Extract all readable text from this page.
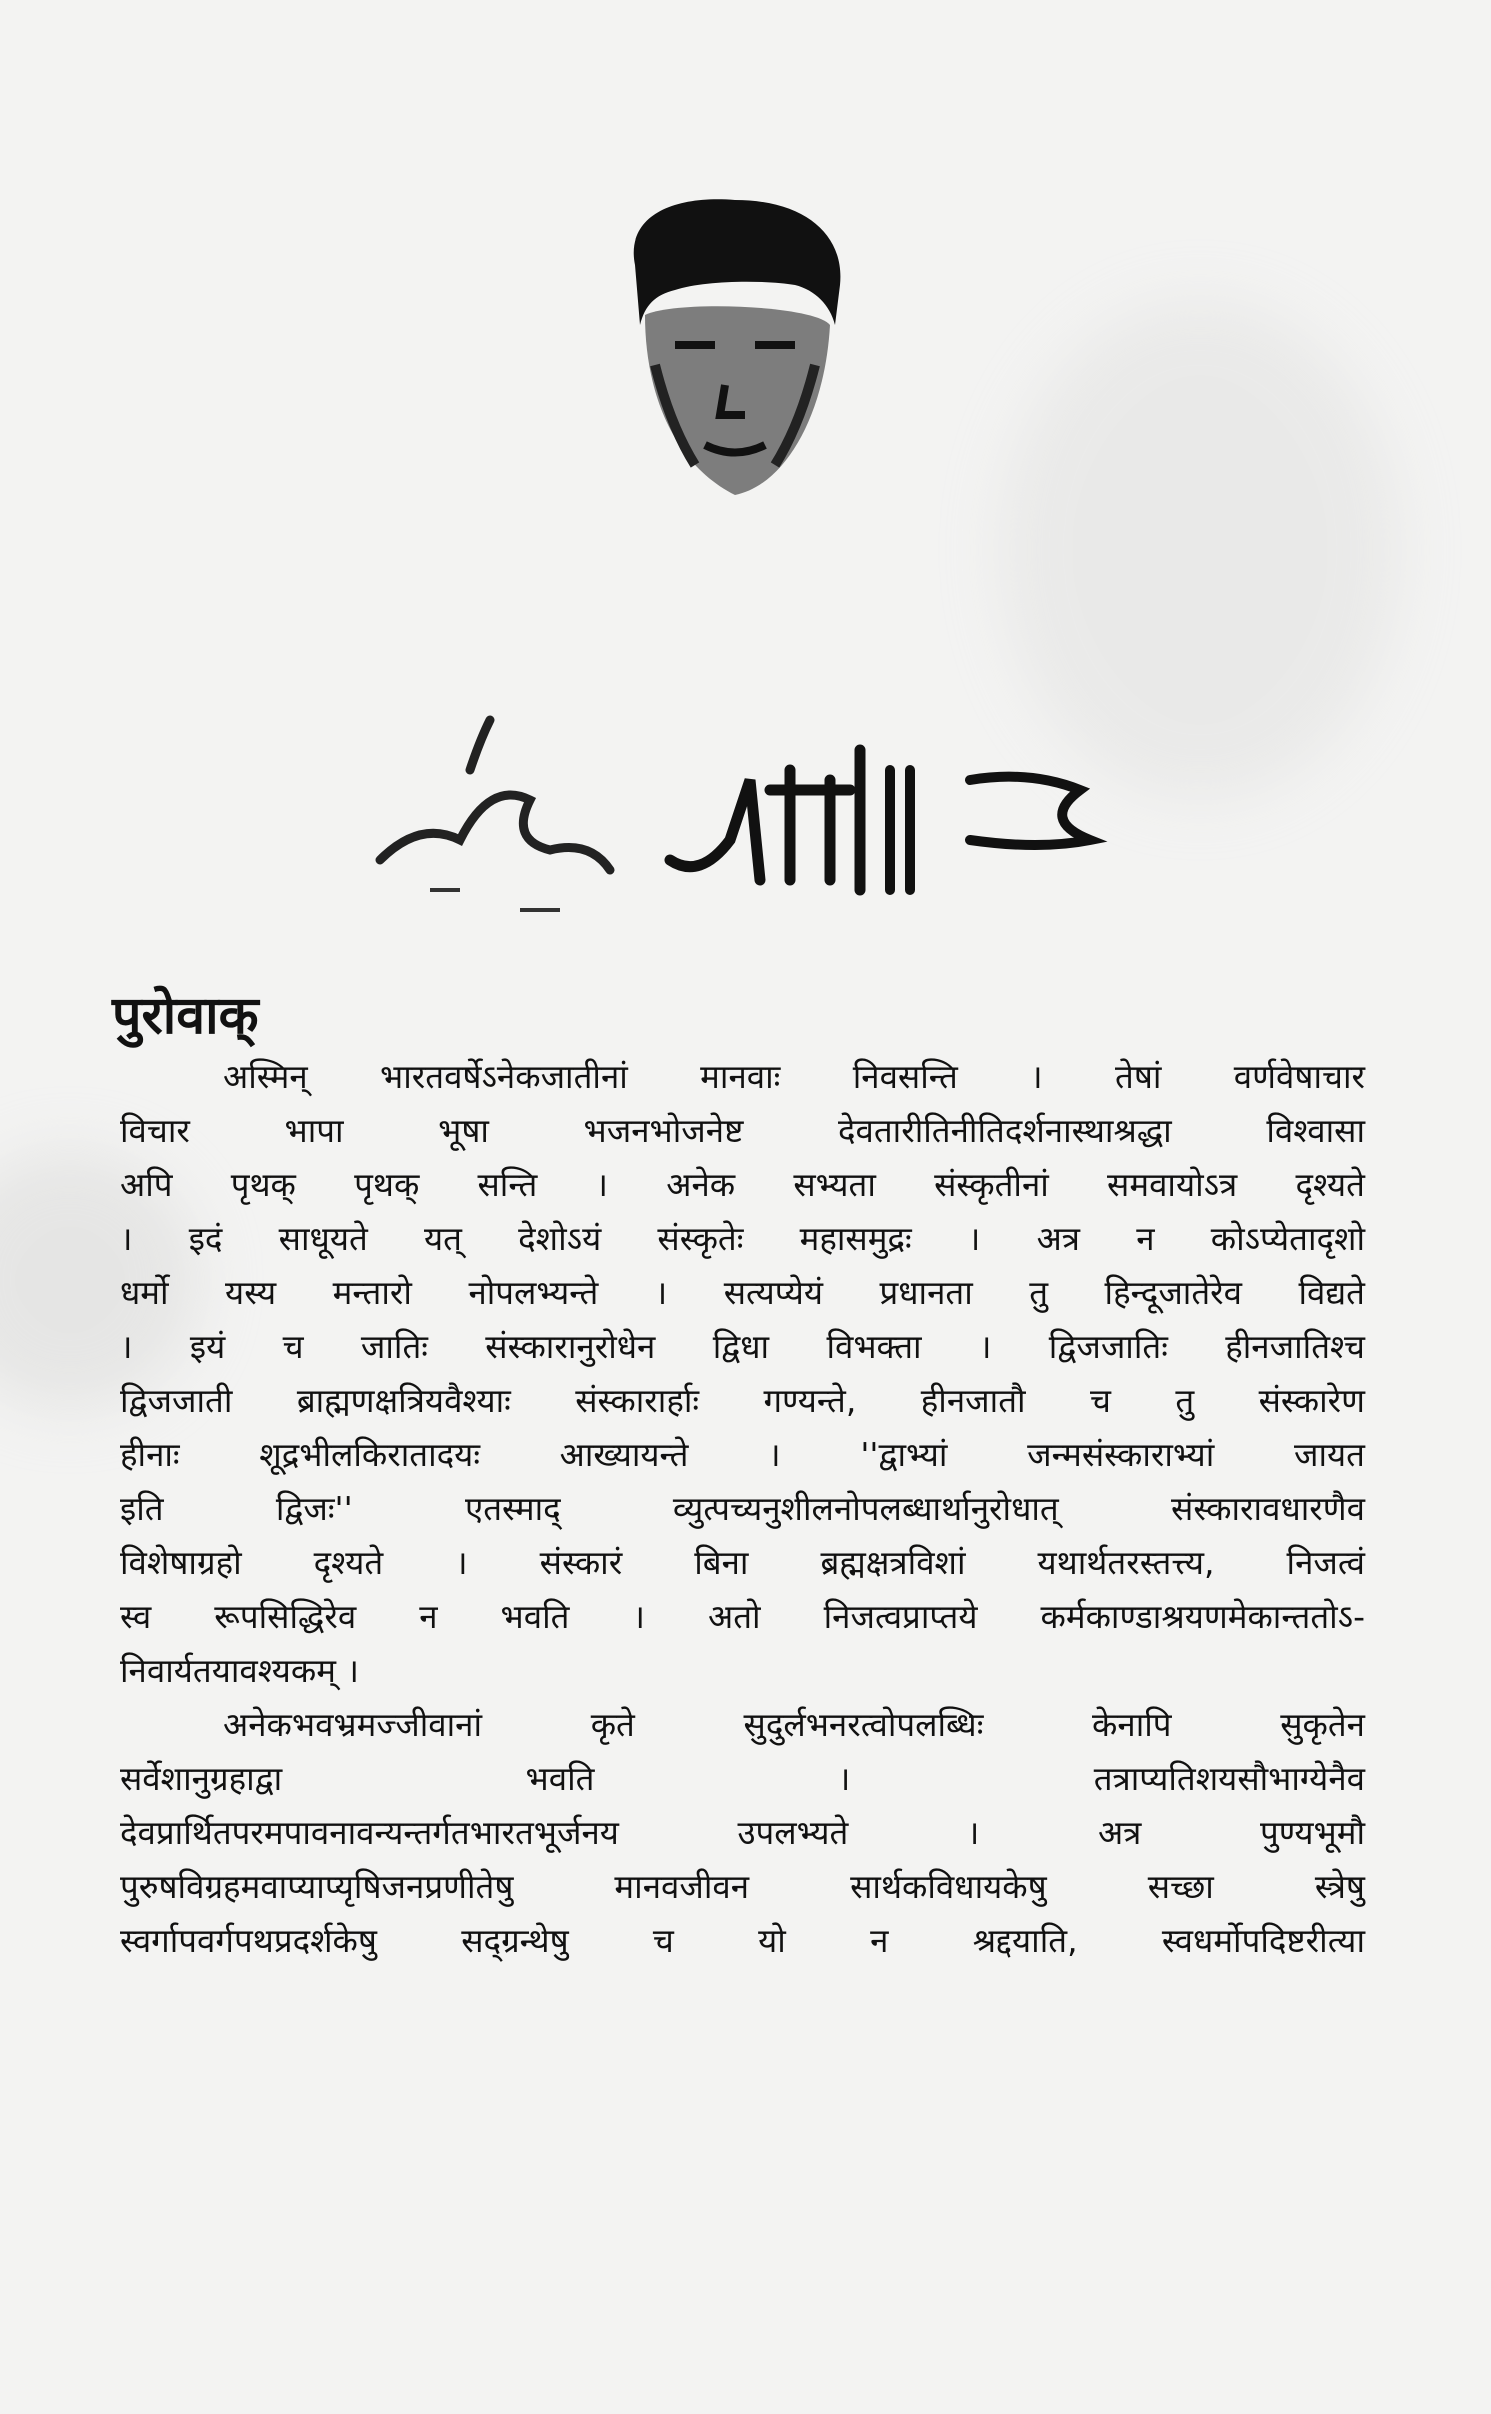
पुरोवाक्
अस्मिन् भारतवर्षेऽनेकजातीनां मानवाः निवसन्ति । तेषां वर्णवेषाचार
विचार भापा भूषा भजनभोजनेष्ट देवतारीतिनीतिदर्शनास्थाश्रद्धा विश्वासा
अपि पृथक् पृथक् सन्ति । अनेक सभ्यता संस्कृतीनां समवायोऽत्र दृश्यते
। इदं साधूयते यत् देशोऽयं संस्कृतेः महासमुद्रः । अत्र न कोऽप्येतादृशो
धर्मो यस्य मन्तारो नोपलभ्यन्ते । सत्यप्येयं प्रधानता तु हिन्दूजातेरेव विद्यते
। इयं च जातिः संस्कारानुरोधेन द्विधा विभक्ता । द्विजजातिः हीनजातिश्च
द्विजजाती ब्राह्मणक्षत्रियवैश्याः संस्कारार्हाः गण्यन्ते, हीनजातौ च तु संस्कारेण
हीनाः शूद्रभीलकिरातादयः आख्यायन्ते । ''द्वाभ्यां जन्मसंस्काराभ्यां जायत
इति द्विजः'' एतस्माद् व्युत्पच्यनुशीलनोपलब्धार्थानुरोधात् संस्कारावधारणैव
विशेषाग्रहो दृश्यते । संस्कारं बिना ब्रह्मक्षत्रविशां यथार्थतरस्तत्त्य, निजत्वं
स्व रूपसिद्धिरेव न भवति । अतो निजत्वप्राप्तये कर्मकाण्डाश्रयणमेकान्ततोऽ-
निवार्यतयावश्यकम् ।
अनेकभवभ्रमज्जीवानां कृते सुदुर्लभनरत्वोपलब्धिः केनापि सुकृतेन
सर्वेशानुग्रहाद्वा भवति । तत्राप्यतिशयसौभाग्येनैव
देवप्रार्थितपरमपावनावन्यन्तर्गतभारतभूर्जनय उपलभ्यते । अत्र पुण्यभूमौ
पुरुषविग्रहमवाप्याप्यृषिजनप्रणीतेषु मानवजीवन सार्थकविधायकेषु सच्छा स्त्रेषु
स्वर्गापवर्गपथप्रदर्शकेषु सद्ग्रन्थेषु च यो न श्रद्दयाति, स्वधर्मोपदिष्टरीत्या
